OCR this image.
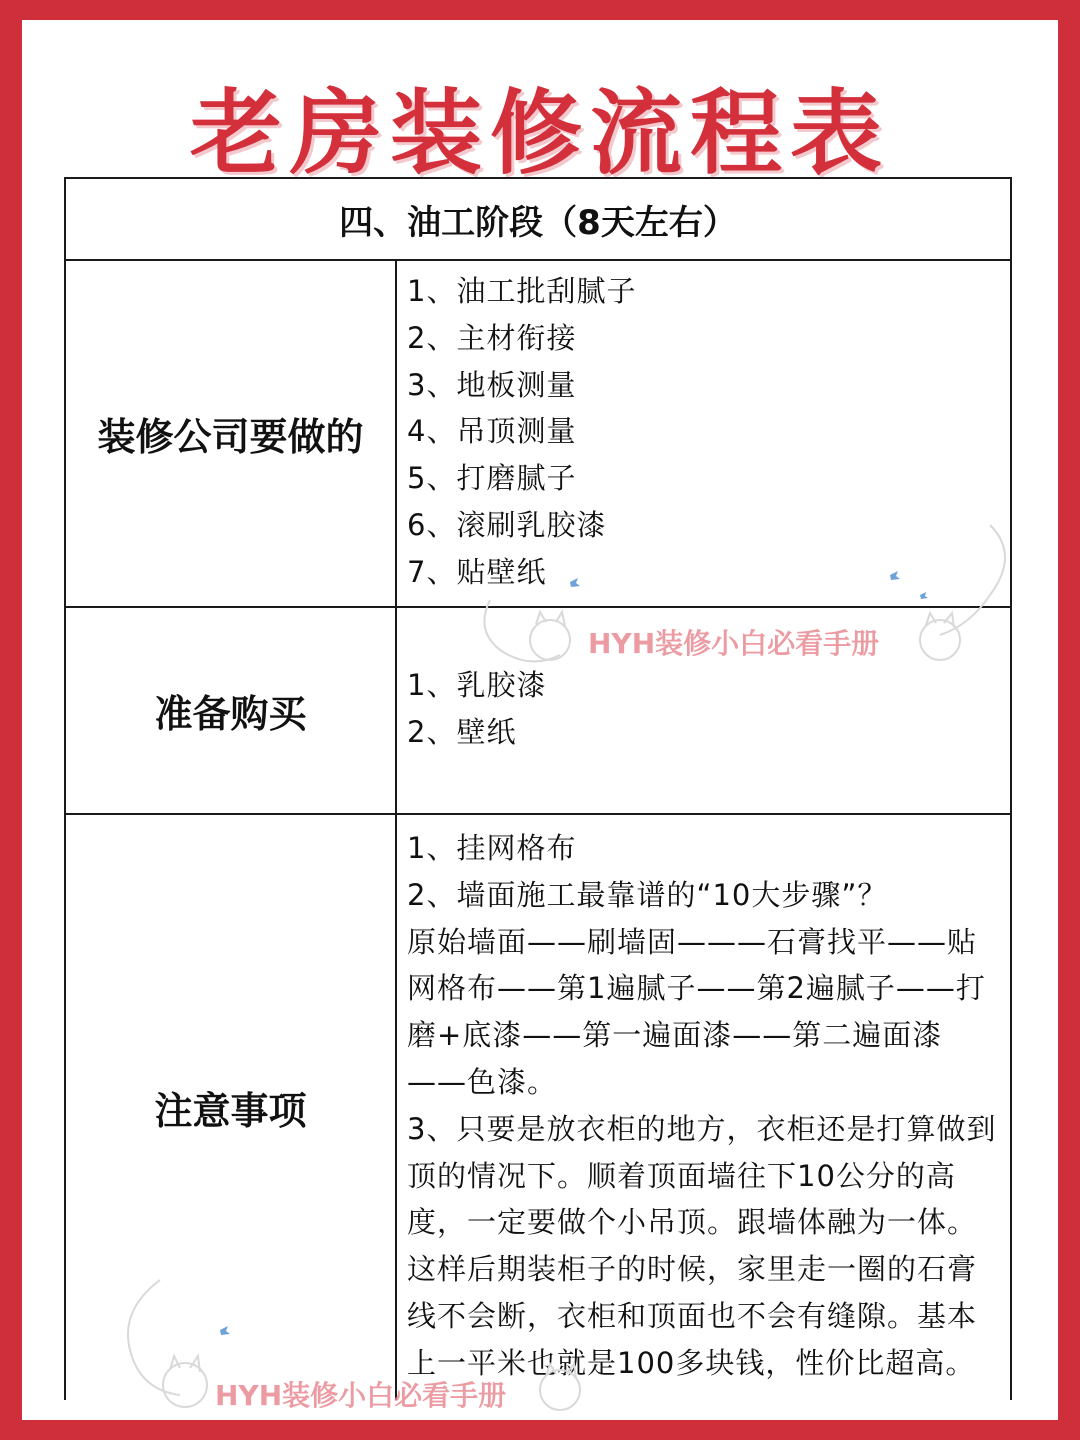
老房装修流程表
四、油工阶段（8天左右）
装修公司要做的

1、油工批刮腻子

2、主材衔接

3、地板测量

4、吊顶测量

5、打磨腻子

6、滚刷乳胶漆

7、贴壁纸

准备购买

1、乳胶漆

2、壁纸

注意事项

1、挂网格布

2、墙面施工最靠谱的“10大步骤”？

原始墙面——刷墙固———石膏找平——贴网格布——第1遍腻子——第2遍腻子——打磨+底漆——第一遍面漆——第二遍面漆——色漆。

3、只要是放衣柜的地方，衣柜还是打算做到顶的情况下。顺着顶面墙往下10公分的高度，一定要做个小吊顶。跟墙体融为一体。这样后期装柜子的时候，家里走一圈的石膏线不会断，衣柜和顶面也不会有缝隙。基本上一平米也就是100多块钱，性价比超高。

HYH装修小白必看手册
HYH装修小白必看手册
